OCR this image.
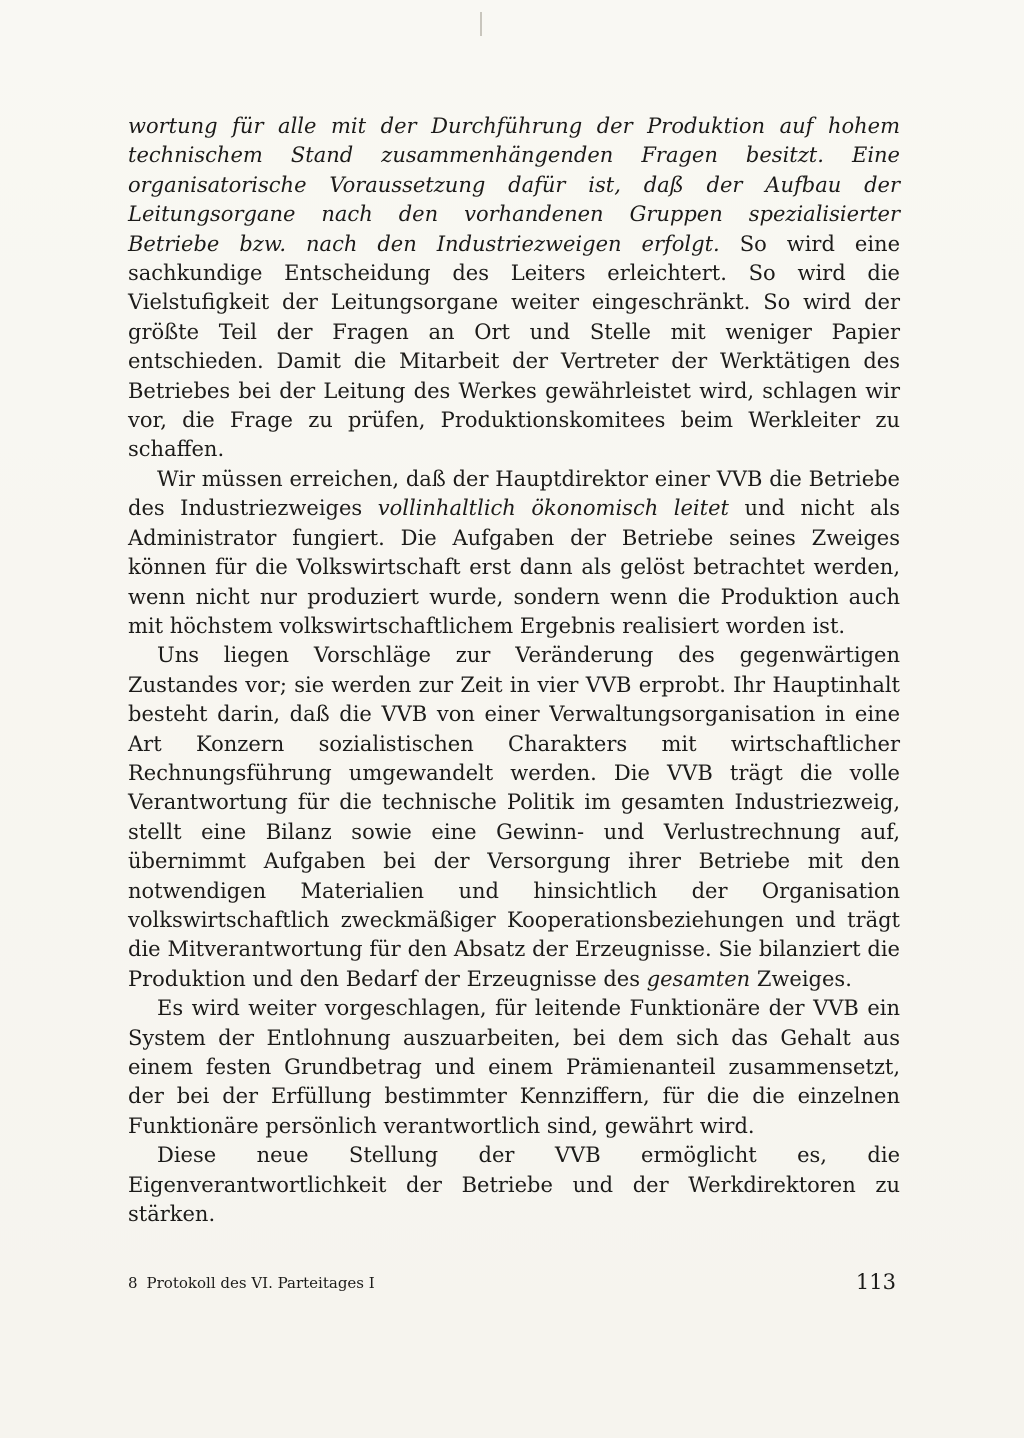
wortung für alle mit der Durchführung der Produktion auf hohem technischem Stand zusammenhängenden Fragen besitzt. Eine organisatorische Voraussetzung dafür ist, daß der Aufbau der Leitungsorgane nach den vorhandenen Gruppen spezialisierter Betriebe bzw. nach den Industriezweigen erfolgt. So wird eine sachkundige Entscheidung des Leiters erleichtert. So wird die Vielstufigkeit der Leitungsorgane weiter eingeschränkt. So wird der größte Teil der Fragen an Ort und Stelle mit weniger Papier entschieden. Damit die Mitarbeit der Vertreter der Werktätigen des Betriebes bei der Leitung des Werkes gewährleistet wird, schlagen wir vor, die Frage zu prüfen, Produktionskomitees beim Werkleiter zu schaffen.

Wir müssen erreichen, daß der Hauptdirektor einer VVB die Betriebe des Industriezweiges vollinhaltlich ökonomisch leitet und nicht als Administrator fungiert. Die Aufgaben der Betriebe seines Zweiges können für die Volkswirtschaft erst dann als gelöst betrachtet werden, wenn nicht nur produziert wurde, sondern wenn die Produktion auch mit höchstem volkswirtschaftlichem Ergebnis realisiert worden ist.

Uns liegen Vorschläge zur Veränderung des gegenwärtigen Zustandes vor; sie werden zur Zeit in vier VVB erprobt. Ihr Hauptinhalt besteht darin, daß die VVB von einer Verwaltungsorganisation in eine Art Konzern sozialistischen Charakters mit wirtschaftlicher Rechnungsführung umgewandelt werden. Die VVB trägt die volle Verantwortung für die technische Politik im gesamten Industriezweig, stellt eine Bilanz sowie eine Gewinn- und Verlustrechnung auf, übernimmt Aufgaben bei der Versorgung ihrer Betriebe mit den notwendigen Materialien und hinsichtlich der Organisation volkswirtschaftlich zweckmäßiger Kooperationsbeziehungen und trägt die Mitverantwortung für den Absatz der Erzeugnisse. Sie bilanziert die Produktion und den Bedarf der Erzeugnisse des gesamten Zweiges.

Es wird weiter vorgeschlagen, für leitende Funktionäre der VVB ein System der Entlohnung auszuarbeiten, bei dem sich das Gehalt aus einem festen Grundbetrag und einem Prämienanteil zusammensetzt, der bei der Erfüllung bestimmter Kennziffern, für die die einzelnen Funktionäre persönlich verantwortlich sind, gewährt wird.

Diese neue Stellung der VVB ermöglicht es, die Eigenverantwortlichkeit der Betriebe und der Werkdirektoren zu stärken.

8 Protokoll des VI. Parteitages I	113
